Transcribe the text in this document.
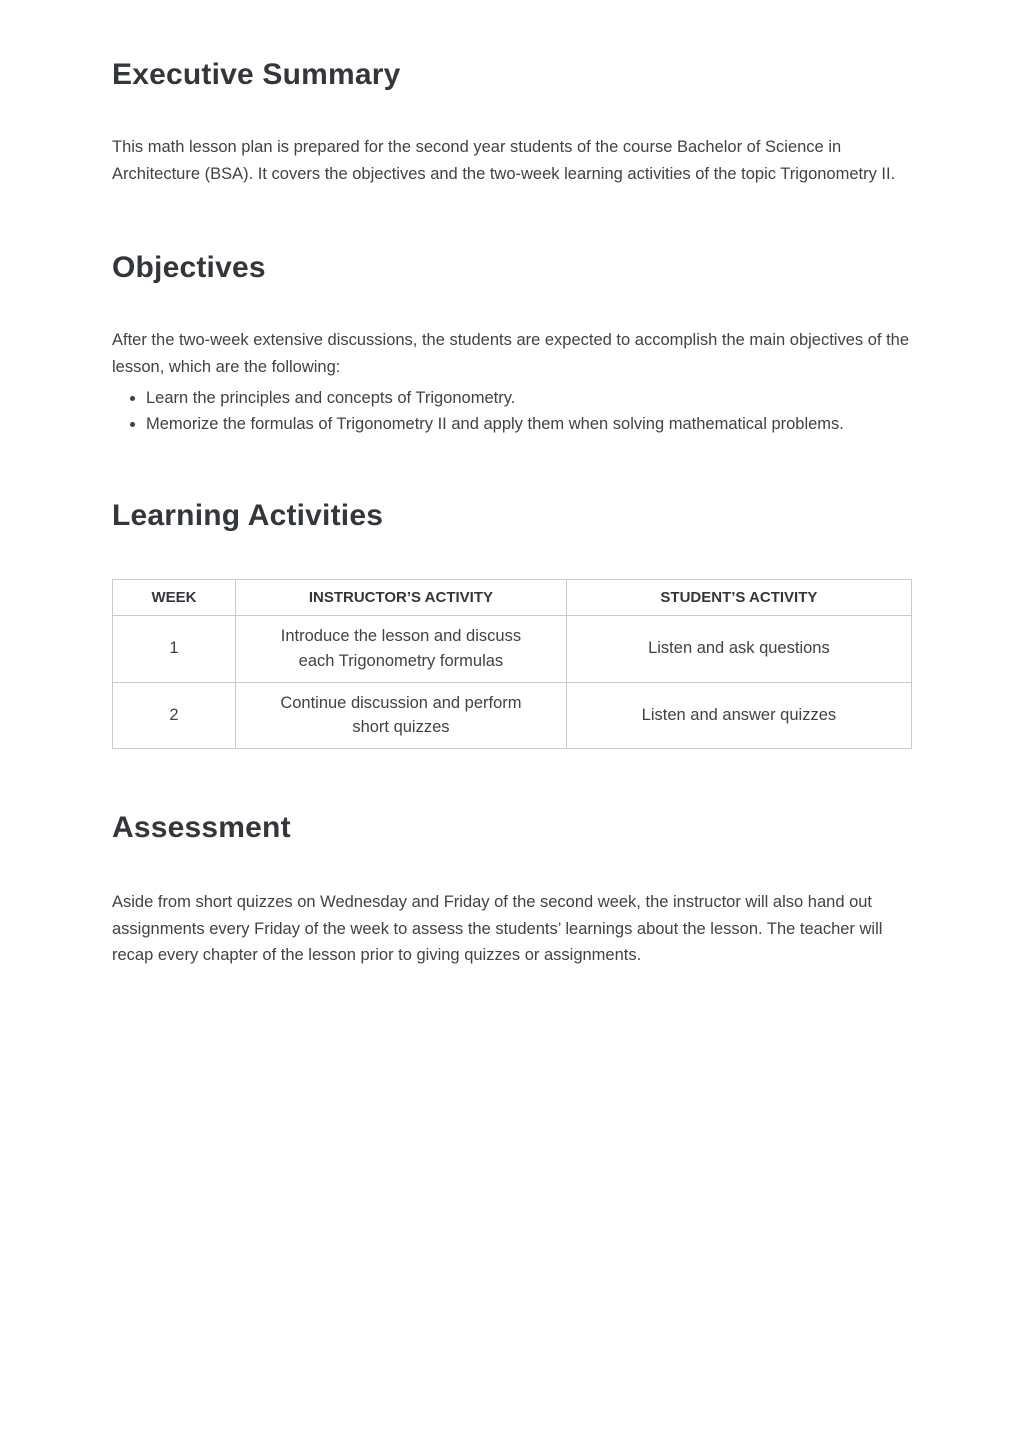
Executive Summary

This math lesson plan is prepared for the second year students of the course Bachelor of Science in Architecture (BSA). It covers the objectives and the two-week learning activities of the topic Trigonometry II.

Objectives

After the two-week extensive discussions, the students are expected to accomplish the main objectives of the lesson, which are the following:

• Learn the principles and concepts of Trigonometry.
• Memorize the formulas of Trigonometry II and apply them when solving mathematical problems.
Learning Activities
WEEK	INSTRUCTOR’S ACTIVITY	STUDENT’S ACTIVITY
1	Introduce the lesson and discuss each Trigonometry formulas	Listen and ask questions
2	Continue discussion and perform short quizzes	Listen and answer quizzes
Assessment

Aside from short quizzes on Wednesday and Friday of the second week, the instructor will also hand out assignments every Friday of the week to assess the students’ learnings about the lesson. The teacher will recap every chapter of the lesson prior to giving quizzes or assignments.
